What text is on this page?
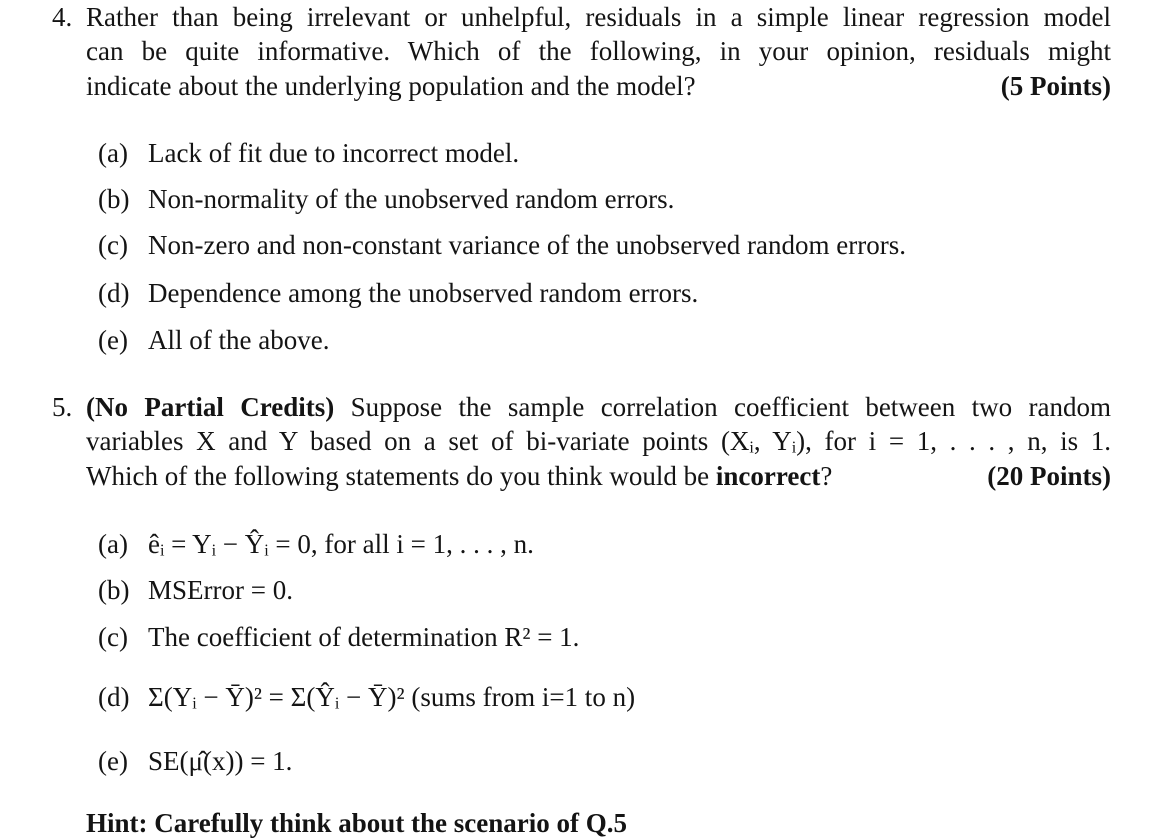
4. Rather than being irrelevant or unhelpful, residuals in a simple linear regression model
can be quite informative. Which of the following, in your opinion, residuals might
indicate about the underlying population and the model?	(5 Points)
(a) Lack of fit due to incorrect model.
(b) Non-normality of the unobserved random errors.
(c) Non-zero and non-constant variance of the unobserved random errors.
(d) Dependence among the unobserved random errors.
(e) All of the above.
5. (No Partial Credits) Suppose the sample correlation coefficient between two random
variables X and Y based on a set of bi-variate points (Xᵢ, Yᵢ), for i = 1, . . . , n, is 1.
Which of the following statements do you think would be incorrect?	(20 Points)
(a) êᵢ = Yᵢ − Ŷᵢ = 0, for all i = 1, . . . , n.
(b) MSError = 0.
(c) The coefficient of determination R² = 1.
(d) Σ(Yᵢ − Ȳ)² = Σ(Ŷᵢ − Ȳ)² (sums from i=1 to n)
(e) SE(μ̂(x)) = 1.
Hint: Carefully think about the scenario of Q.5
